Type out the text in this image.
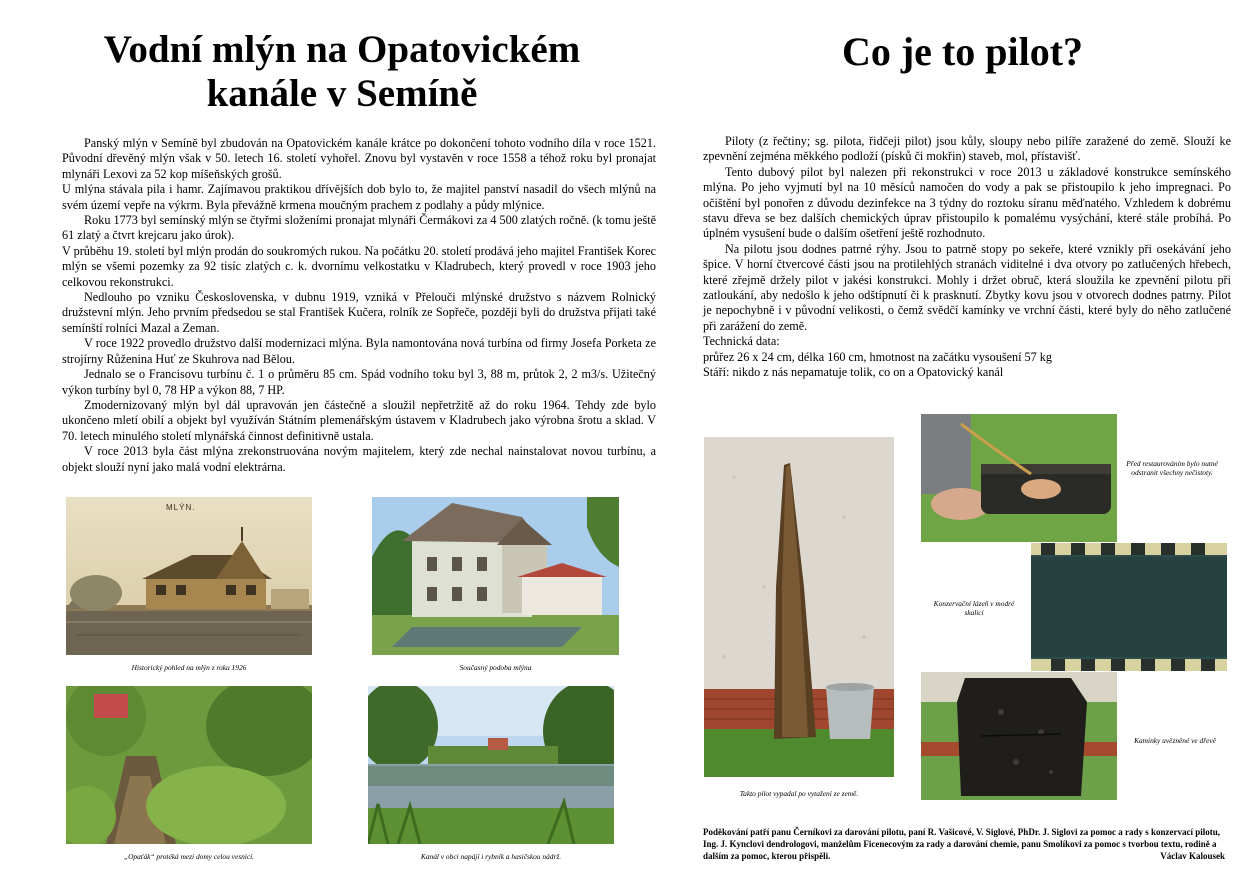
Vodní mlýn na Opatovickém
kanále v Semíně

Panský mlýn v Semíně byl zbudován na Opatovickém kanále krátce po dokončení tohoto vodního díla v roce 1521. Původní dřevěný mlýn však v 50. letech 16. století vyhořel. Znovu byl vystavěn v roce 1558 a téhož roku byl pronajat mlynáři Lexovi za 52 kop míšeňských grošů.

U mlýna stávala pila i hamr. Zajímavou praktikou dřívějších dob bylo to, že majitel panství nasadil do všech mlýnů na svém území vepře na výkrm. Byla převážně krmena moučným prachem z podlahy a půdy mlýnice.

Roku 1773 byl semínský mlýn se čtyřmi složeními pronajat mlynáři Čermákovi za 4 500 zlatých ročně. (k tomu ještě 61 zlatý a čtvrt krejcaru jako úrok).

V průběhu 19. století byl mlýn prodán do soukromých rukou. Na počátku 20. století prodává jeho majitel František Korec mlýn se všemi pozemky za 92 tisíc zlatých c. k. dvornímu velkostatku v Kladrubech, který provedl v roce 1903 jeho celkovou rekonstrukci.

Nedlouho po vzniku Československa, v dubnu 1919, vzniká v Přelouči mlýnské družstvo s názvem Rolnický družstevní mlýn. Jeho prvním předsedou se stal František Kučera, rolník ze Sopřeče, později byli do družstva přijati také semínští rolníci Mazal a Zeman.

V roce 1922 provedlo družstvo další modernizaci mlýna. Byla namontována nová turbína od firmy Josefa Porketa ze strojírny Růženina Huť ze Skuhrova nad Bělou.

Jednalo se o Francisovu turbínu č. 1 o průměru 85 cm. Spád vodního toku byl 3, 88 m, průtok 2, 2 m3/s. Užitečný výkon turbíny byl 0, 78 HP a výkon 88, 7 HP.

Zmodernizovaný mlýn byl dál upravován jen částečně a sloužil nepřetržitě až do roku 1964. Tehdy zde bylo ukončeno mletí obilí a objekt byl využíván Státním plemenářským ústavem v Kladrubech jako výrobna šrotu a sklad. V 70. letech minulého století mlynářská činnost definitivně ustala.

V roce 2013 byla část mlýna zrekonstruována novým majitelem, který zde nechal nainstalovat novou turbínu, a objekt slouží nyní jako malá vodní elektrárna.

MLÝN.
Historický pohled na mlýn z roku 1926	Současný podoba mlýna
„Opaťák“ protéká mezi domy celou vesnicí.	Kanál v obci napájí i rybník a hasičskou nádrž.
Co je to pilot?

Piloty (z řečtiny; sg. pilota, řidčeji pilot) jsou kůly, sloupy nebo pilíře zaražené do země. Slouží ke zpevnění zejména měkkého podloží (písků či mokřin) staveb, mol, přístavišť.

Tento dubový pilot byl nalezen při rekonstrukci v roce 2013 u základové konstrukce semínského mlýna. Po jeho vyjmutí byl na 10 měsíců namočen do vody a pak se přistoupilo k jeho impregnaci. Po očištění byl ponořen z důvodu dezinfekce na 3 týdny do roztoku síranu měďnatého. Vzhledem k dobrému stavu dřeva se bez dalších chemických úprav přistoupilo k pomalému vysýchání, které stále probíhá. Po úplném vysušení bude o dalším ošetření ještě rozhodnuto.

Na pilotu jsou dodnes patrné rýhy. Jsou to patrně stopy po sekeře, které vznikly při osekávání jeho špice. V horní čtvercové části jsou na protilehlých stranách viditelné i dva otvory po zatlučených hřebech, které zřejmě držely pilot v jakési konstrukci. Mohly i držet obruč, která sloužila ke zpevnění pilotu při zatloukání, aby nedošlo k jeho odštípnutí či k prasknutí. Zbytky kovu jsou v otvorech dodnes patrny. Pilot je nepochybně i v původní velikosti, o čemž svědčí kamínky ve vrchní části, které byly do něho zatlučené při zarážení do země.

Technická data:

průřez 26 x 24 cm, délka 160 cm, hmotnost na začátku vysoušení 57 kg

Stáří: nikdo z nás nepamatuje tolik, co on a Opatovický kanál

Takto pilot vypadal po vytažení ze země.
Před restaurováním bylo nutné odstranit všechny nečistoty.
Konzervační lázeň v modré skalici
Kamínky uvězněné ve dřevě
Poděkování patří panu Černíkovi za darování pilotu, paní R. Vašicové, V. Siglové, PhDr. J. Siglovi za pomoc a rady s konzervací pilotu, Ing. J. Kynclovi dendrologovi, manželům Ficenecovým za rady a darování chemie, panu Smolíkovi za pomoc s tvorbou textu, rodině a dalším za pomoc, kterou přispěli.	Václav Kalousek
